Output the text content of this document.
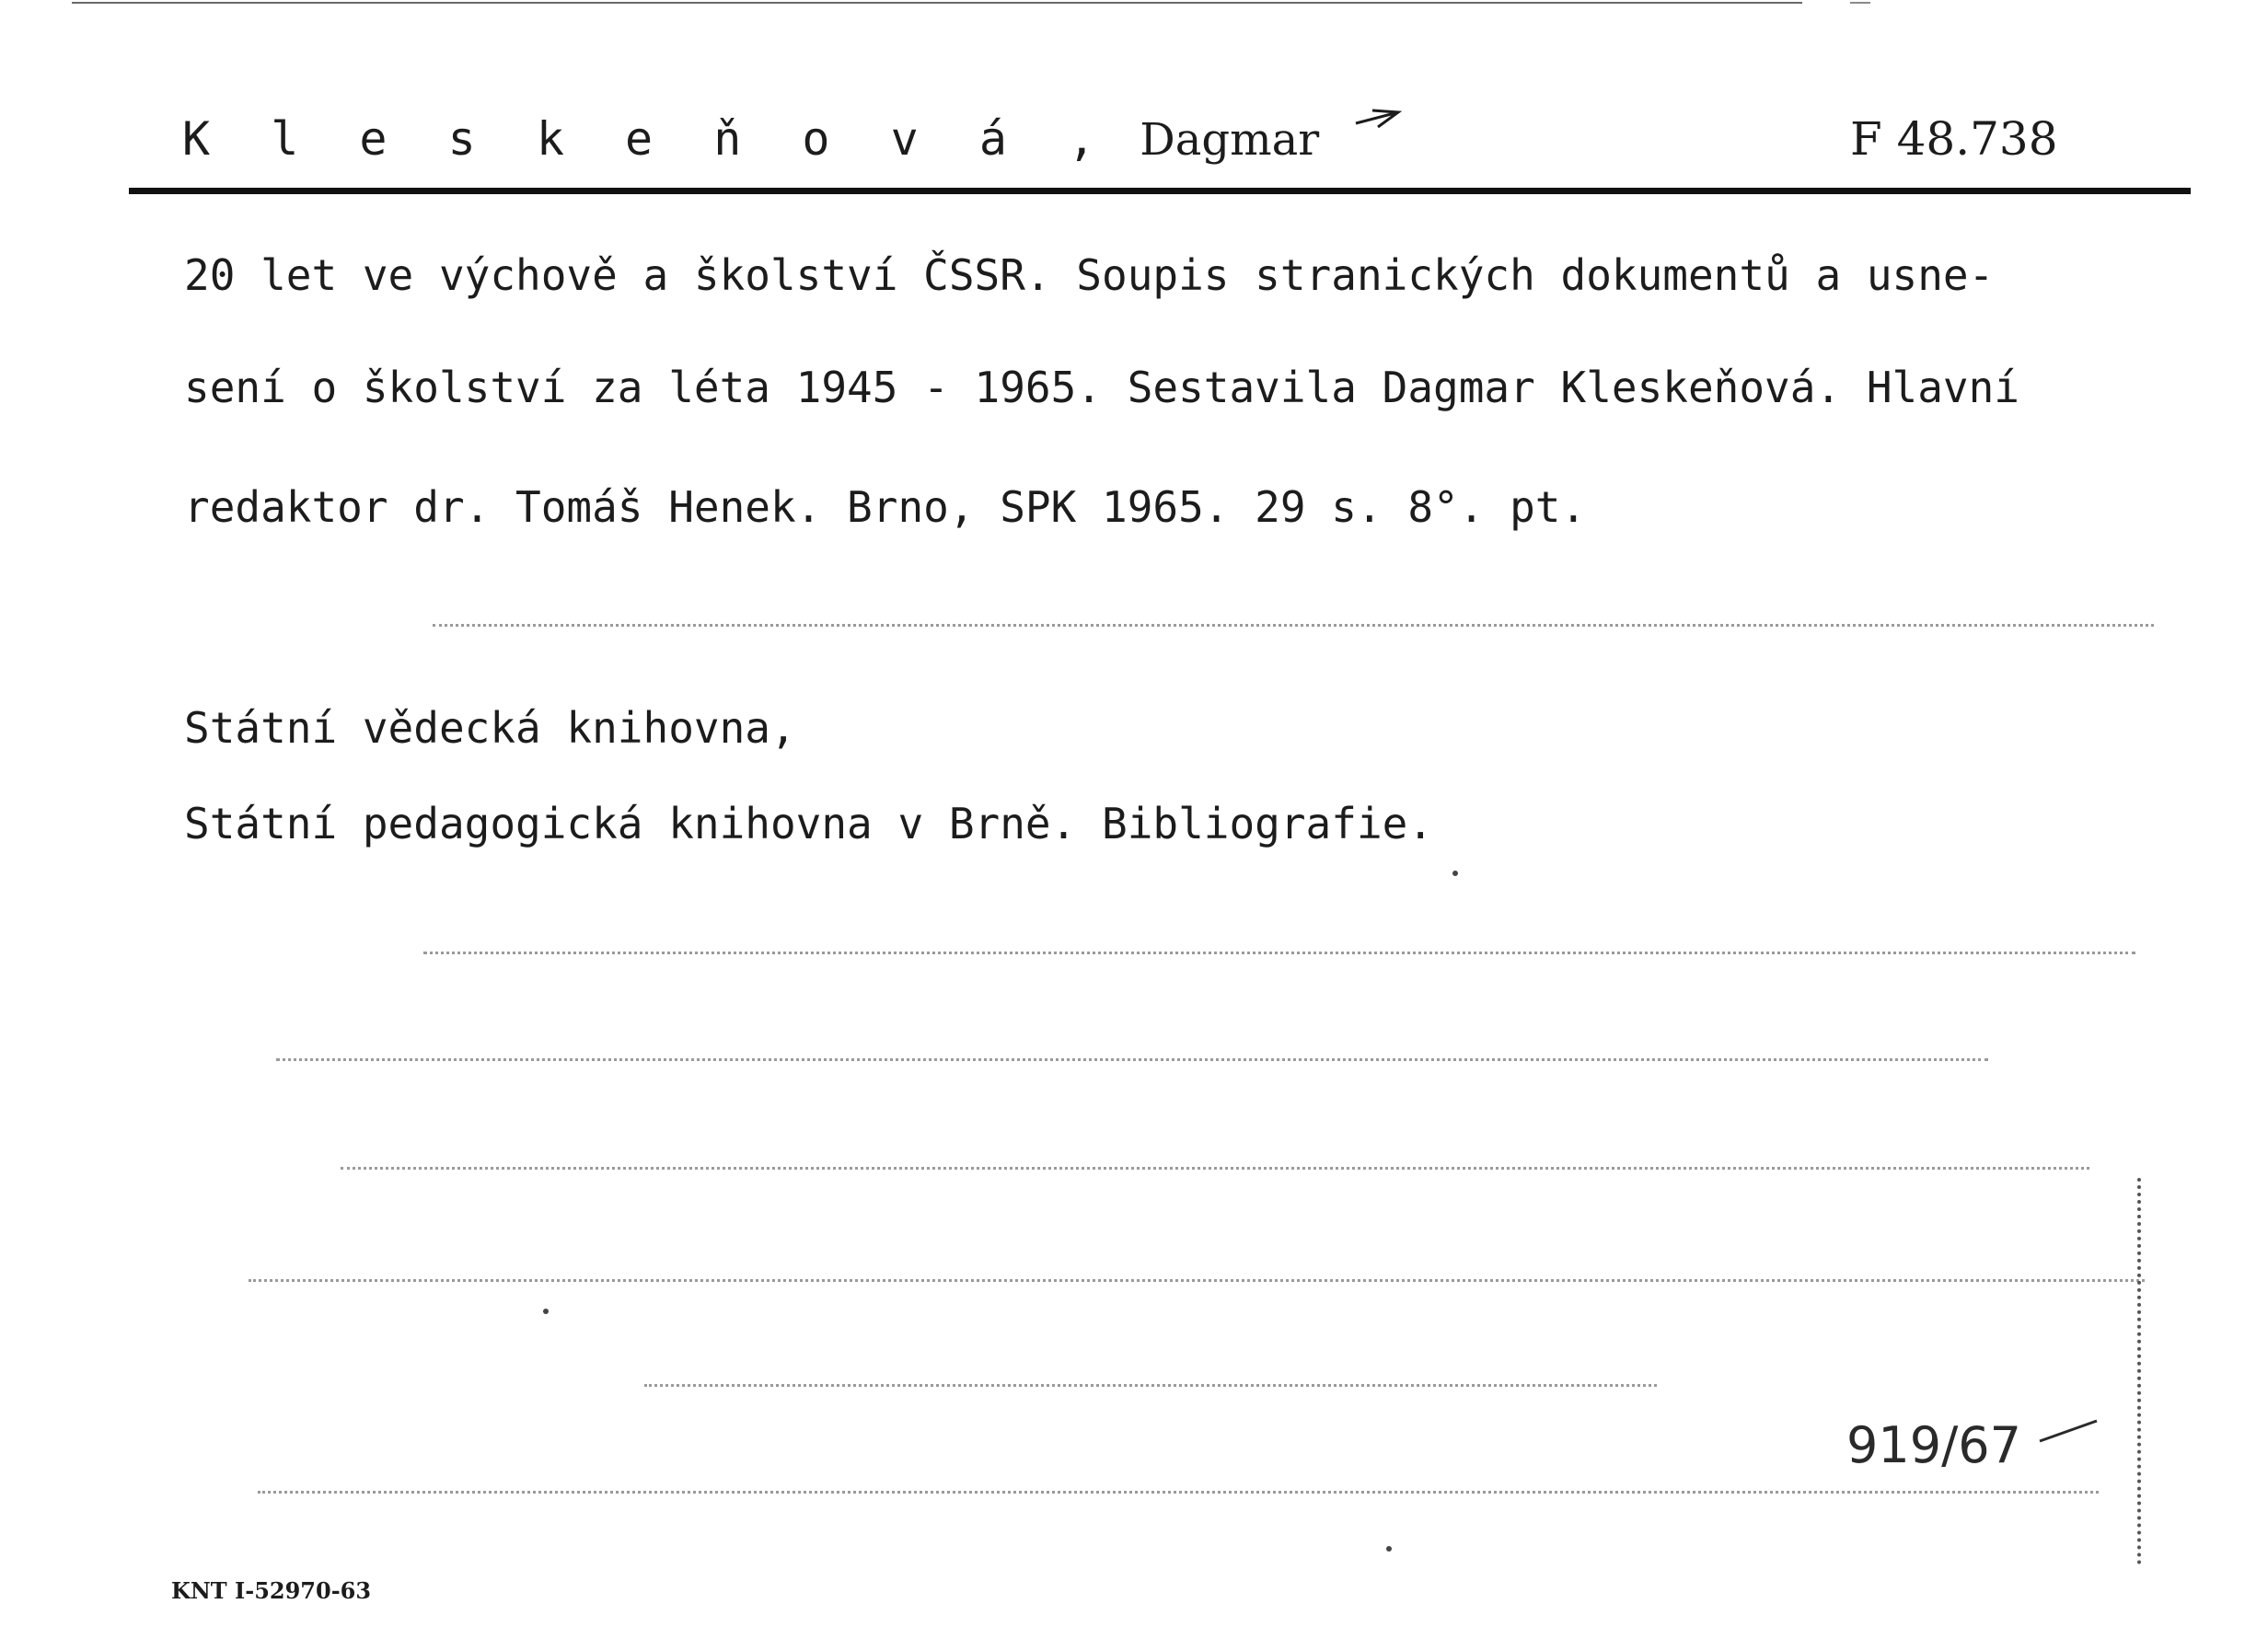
K l e s k e ň o v á , Dagmar	F 48.738
20 let ve výchově a školství ČSSR. Soupis stranických dokumentů a usne-
sení o školství za léta 1945 - 1965. Sestavila Dagmar Kleskeňová. Hlavní
redaktor dr. Tomáš Henek. Brno, SPK 1965. 29 s. 8°. pt.
Státní vědecká knihovna,
Státní pedagogická knihovna v Brně. Bibliografie.
919/67
KNT I-52970-63
